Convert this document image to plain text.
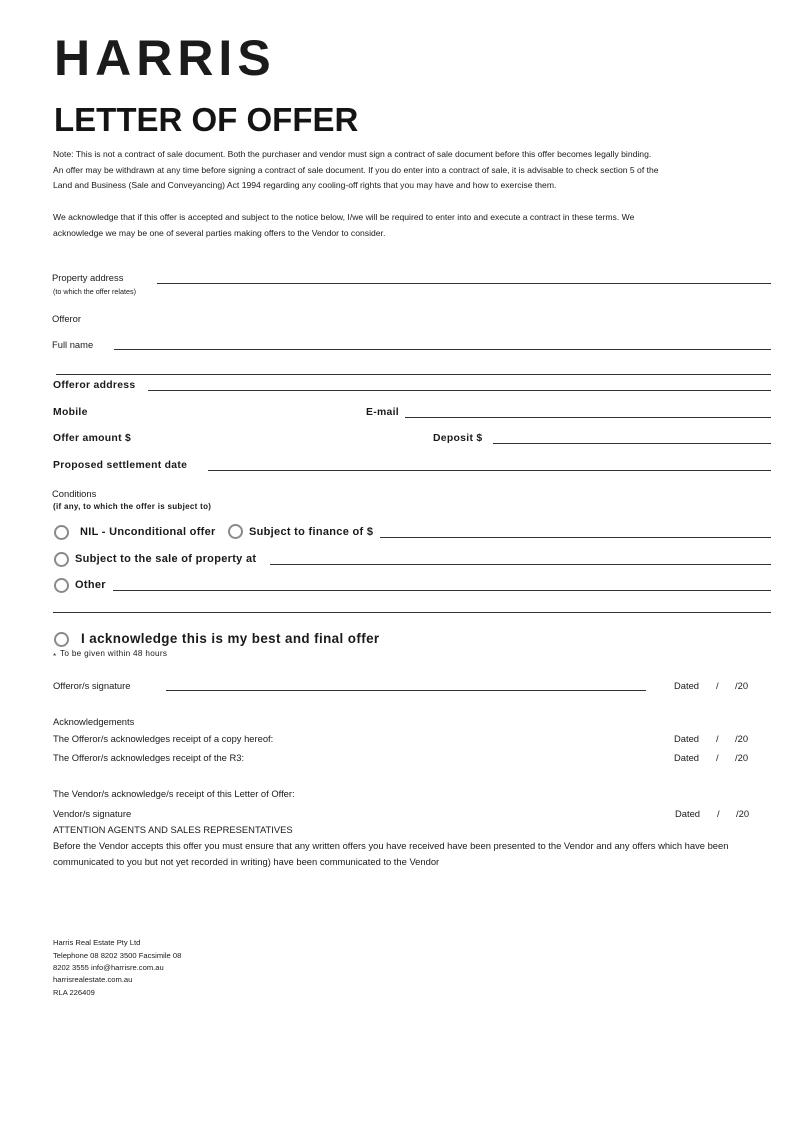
HARRIS
LETTER OF OFFER
Note: This is not a contract of sale document. Both the purchaser and vendor must sign a contract of sale document before this offer becomes legally binding.
An offer may be withdrawn at any time before signing a contract of sale document. If you do enter into a contract of sale, it is advisable to check section 5 of the
Land and Business (Sale and Conveyancing) Act 1994 regarding any cooling-off rights that you may have and how to exercise them.
We acknowledge that if this offer is accepted and subject to the notice below, I/we will be required to enter into and execute a contract in these terms. We
acknowledge we may be one of several parties making offers to the Vendor to consider.
Property address
(to which the offer relates)
Offeror
Full name
Offeror address
Mobile	E-mail
Offer amount $	Deposit $
Proposed settlement date
Conditions
(if any, to which the offer is subject to)
NIL - Unconditional offer	Subject to finance of $
Subject to the sale of property at
Other
I acknowledge this is my best and final offer
* To be given within 48 hours
Offeror/s signature	Dated / /20
Acknowledgements
The Offeror/s acknowledges receipt of a copy hereof:	Dated / /20
The Offeror/s acknowledges receipt of the R3:	Dated / /20
The Vendor/s acknowledge/s receipt of this Letter of Offer:
Vendor/s signature	Dated / /20
ATTENTION AGENTS AND SALES REPRESENTATIVES
Before the Vendor accepts this offer you must ensure that any written offers you have received have been presented to the Vendor and any offers which have been communicated to you but not yet recorded in writing) have been communicated to the Vendor
Harris Real Estate Pty Ltd
Telephone 08 8202 3500 Facsimile 08
8202 3555 info@harrisre.com.au
harrisrealestate.com.au
RLA 226409
